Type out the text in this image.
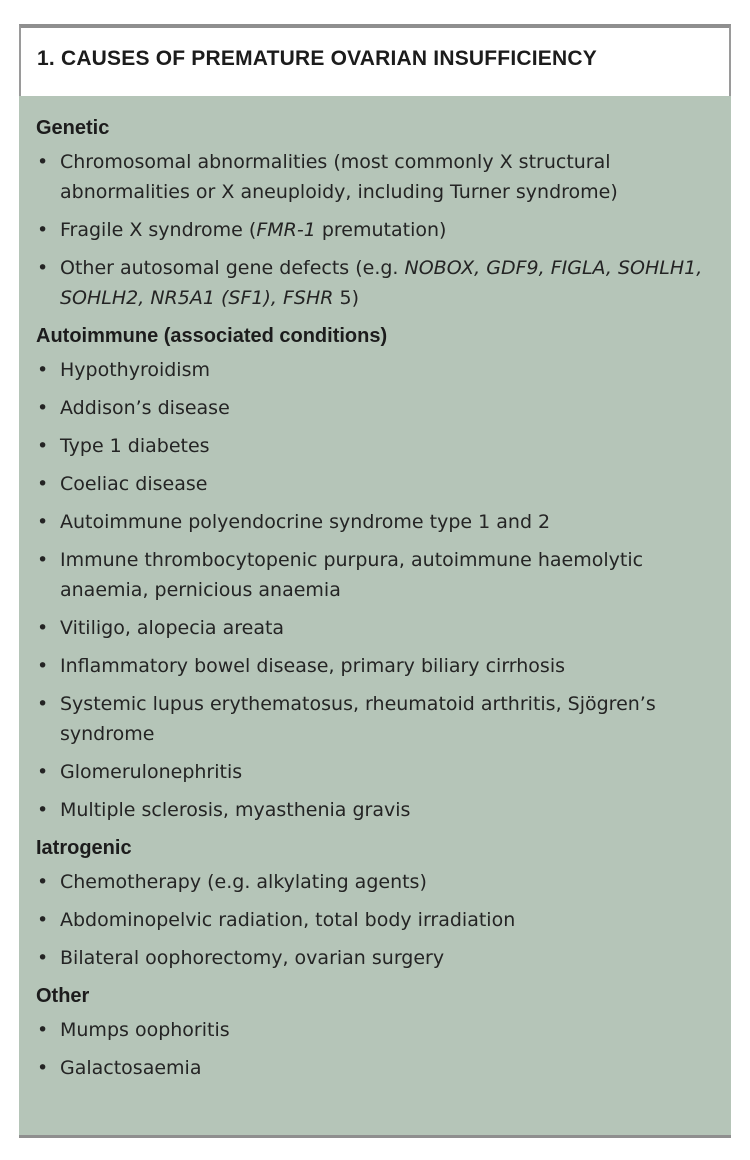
1. CAUSES OF PREMATURE OVARIAN INSUFFICIENCY
Genetic
• Chromosomal abnormalities (most commonly X structural abnormalities or X aneuploidy, including Turner syndrome)
• Fragile X syndrome (FMR-1 premutation)
• Other autosomal gene defects (e.g. NOBOX, GDF9, FIGLA, SOHLH1, SOHLH2, NR5A1 (SF1), FSHR 5)
Autoimmune (associated conditions)
• Hypothyroidism
• Addison’s disease
• Type 1 diabetes
• Coeliac disease
• Autoimmune polyendocrine syndrome type 1 and 2
• Immune thrombocytopenic purpura, autoimmune haemolytic anaemia, pernicious anaemia
• Vitiligo, alopecia areata
• Inflammatory bowel disease, primary biliary cirrhosis
• Systemic lupus erythematosus, rheumatoid arthritis, Sjögren’s syndrome
• Glomerulonephritis
• Multiple sclerosis, myasthenia gravis
Iatrogenic
• Chemotherapy (e.g. alkylating agents)
• Abdominopelvic radiation, total body irradiation
• Bilateral oophorectomy, ovarian surgery
Other
• Mumps oophoritis
• Galactosaemia
